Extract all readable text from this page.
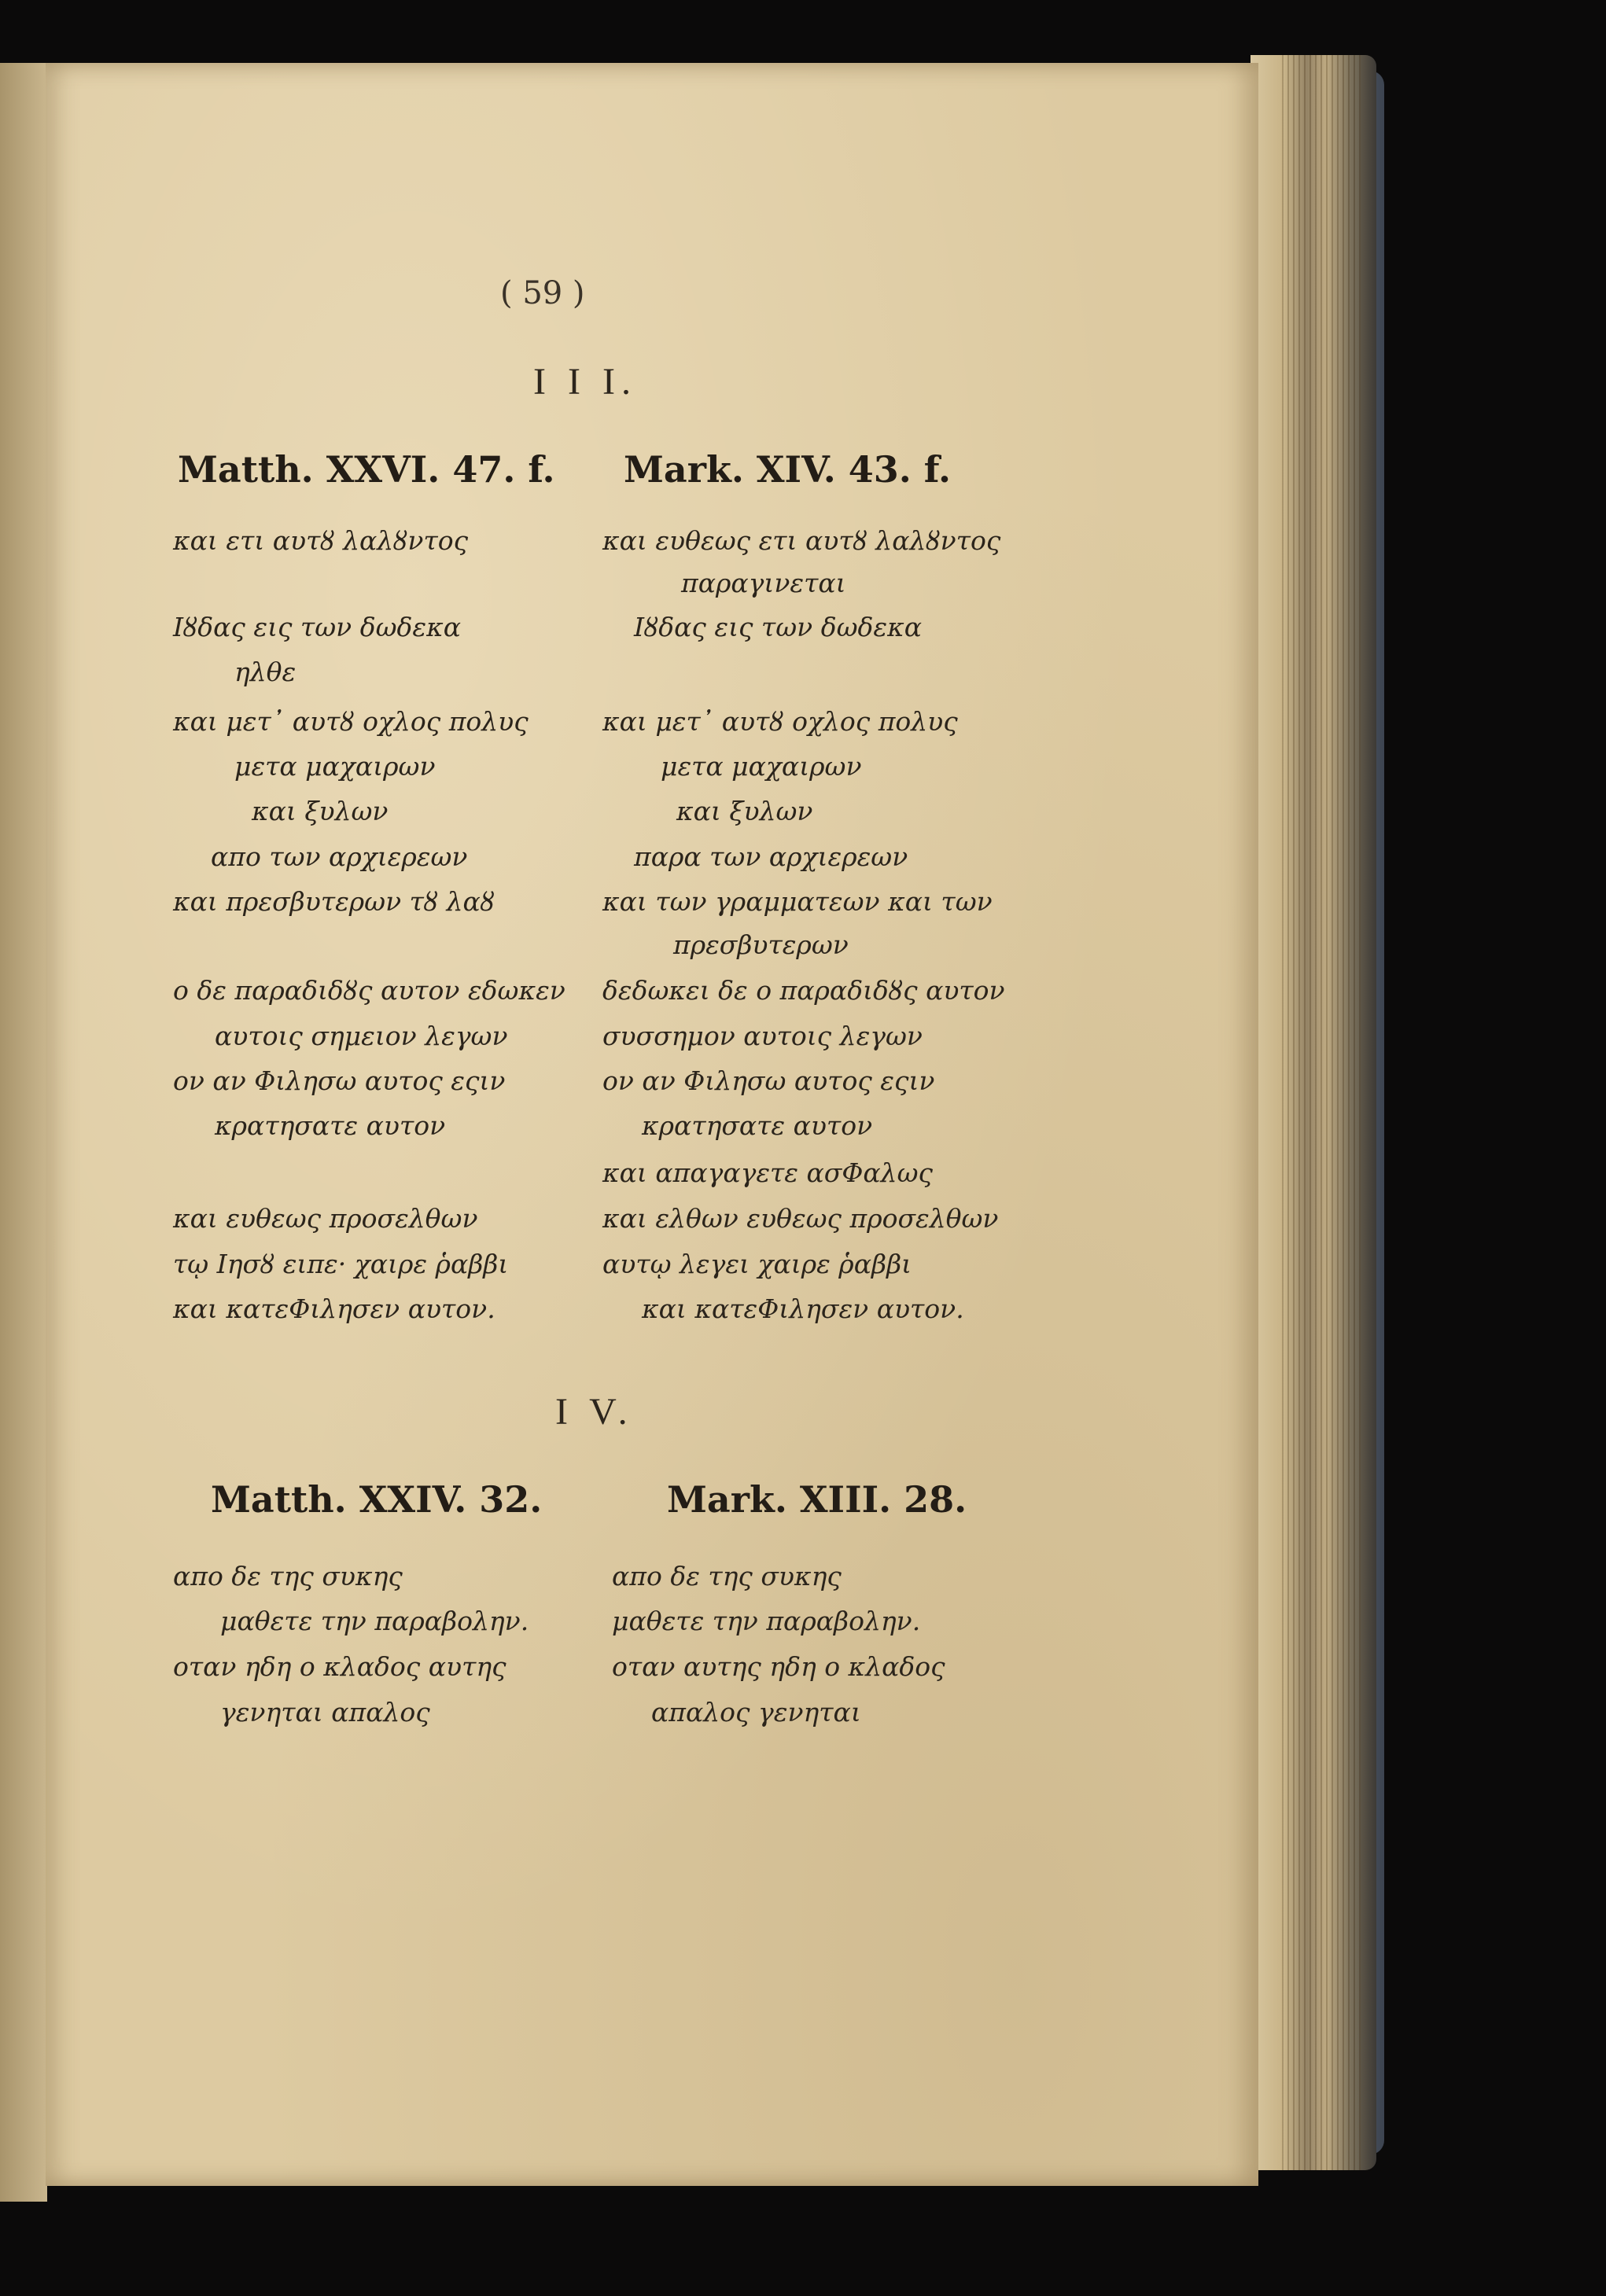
( 59 )
I I I.
Matth. XXVI. 47. f. Mark. XIV. 43. f.
και ετι αυτȣ λαλȣντος
Iȣδας εις των δωδεκα
ηλθε
και μετ᾽ αυτȣ οχλος πολυς
μετα μαχαιρων
και ξυλων
απο των αρχιερεων
και πρεσβυτερων τȣ λαȣ
ο δε παραδιδȣς αυτον εδωκεν
αυτοις σημειον λεγων
ον αν Φιλησω αυτος εςιν
κρατησατε αυτον
και ευθεως προσελθων
τῳ Iησȣ ειπε· χαιρε ῥαββι
και κατεΦιλησεν αυτον.
και ευθεως ετι αυτȣ λαλȣντος
παραγινεται
Iȣδας εις των δωδεκα
και μετ᾽ αυτȣ οχλος πολυς
μετα μαχαιρων
και ξυλων
παρα των αρχιερεων
και των γραμματεων και των
πρεσβυτερων
δεδωκει δε ο παραδιδȣς αυτον
συσσημον αυτοις λεγων
ον αν Φιλησω αυτος εςιν
κρατησατε αυτον
και απαγαγετε ασΦαλως
και ελθων ευθεως προσελθων
αυτῳ λεγει χαιρε ῥαββι
και κατεΦιλησεν αυτον.
I V.
Matth. XXIV. 32.	Mark. XIII. 28.
απο δε της συκης
μαθετε την παραβολην.
οταν ηδη ο κλαδος αυτης
γενηται απαλος
απο δε της συκης
μαθετε την παραβολην.
οταν αυτης ηδη ο κλαδος
απαλος γενηται
